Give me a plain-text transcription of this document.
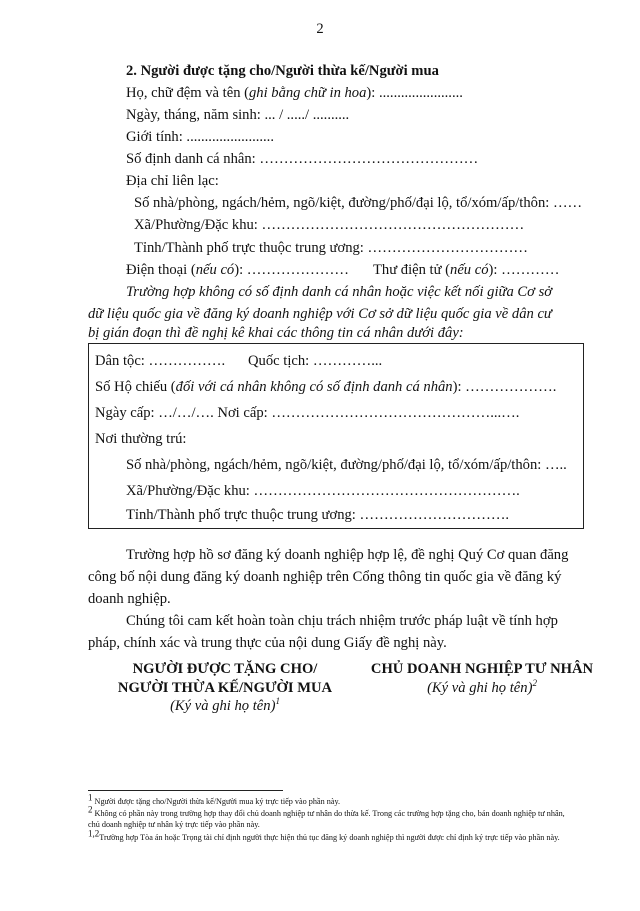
2
2. Người được tặng cho/Người thừa kế/Người mua
Họ, chữ đệm và tên (ghi bằng chữ in hoa): .......................
Ngày, tháng, năm sinh: ... / ...../ ..........
Giới tính: ........................
Số định danh cá nhân: ………………………………………
Địa chỉ liên lạc:
Số nhà/phòng, ngách/hẻm, ngõ/kiệt, đường/phố/đại lộ, tổ/xóm/ấp/thôn: ……
Xã/Phường/Đặc khu: ………………………………………………
Tỉnh/Thành phố trực thuộc trung ương: ……………………………
Điện thoại (nếu có): ………………… Thư điện tử (nếu có): …………
Trường hợp không có số định danh cá nhân hoặc việc kết nối giữa Cơ sở
dữ liệu quốc gia về đăng ký doanh nghiệp với Cơ sở dữ liệu quốc gia về dân cư
bị gián đoạn thì đề nghị kê khai các thông tin cá nhân dưới đây:
Dân tộc: ……………. Quốc tịch: …………...
Số Hộ chiếu (đối với cá nhân không có số định danh cá nhân): ……………….
Ngày cấp: …/…/…. Nơi cấp: ………………………………………...….
Nơi thường trú:
Số nhà/phòng, ngách/hẻm, ngõ/kiệt, đường/phố/đại lộ, tổ/xóm/ấp/thôn: …..
Xã/Phường/Đặc khu: ……………………………………………….
Tỉnh/Thành phố trực thuộc trung ương: ………………………….
Trường hợp hồ sơ đăng ký doanh nghiệp hợp lệ, đề nghị Quý Cơ quan đăng
công bố nội dung đăng ký doanh nghiệp trên Cổng thông tin quốc gia về đăng ký
doanh nghiệp.
Chúng tôi cam kết hoàn toàn chịu trách nhiệm trước pháp luật về tính hợp
pháp, chính xác và trung thực của nội dung Giấy đề nghị này.
NGƯỜI ĐƯỢC TẶNG CHO/
NGƯỜI THỪA KẾ/NGƯỜI MUA
(Ký và ghi họ tên)$^1$
CHỦ DOANH NGHIỆP TƯ NHÂN
(Ký và ghi họ tên)$^2$
$^1$ Người được tặng cho/Người thừa kế/Người mua ký trực tiếp vào phần này.
$^2$ Không có phần này trong trường hợp thay đổi chủ doanh nghiệp tư nhân do thừa kế. Trong các trường hợp tặng cho, bán doanh nghiệp tư nhân, chủ doanh nghiệp tư nhân ký trực tiếp vào phần này.
$^{1,2}$Trường hợp Tòa án hoặc Trọng tài chỉ định người thực hiện thủ tục đăng ký doanh nghiệp thì người được chỉ định ký trực tiếp vào phần này.
